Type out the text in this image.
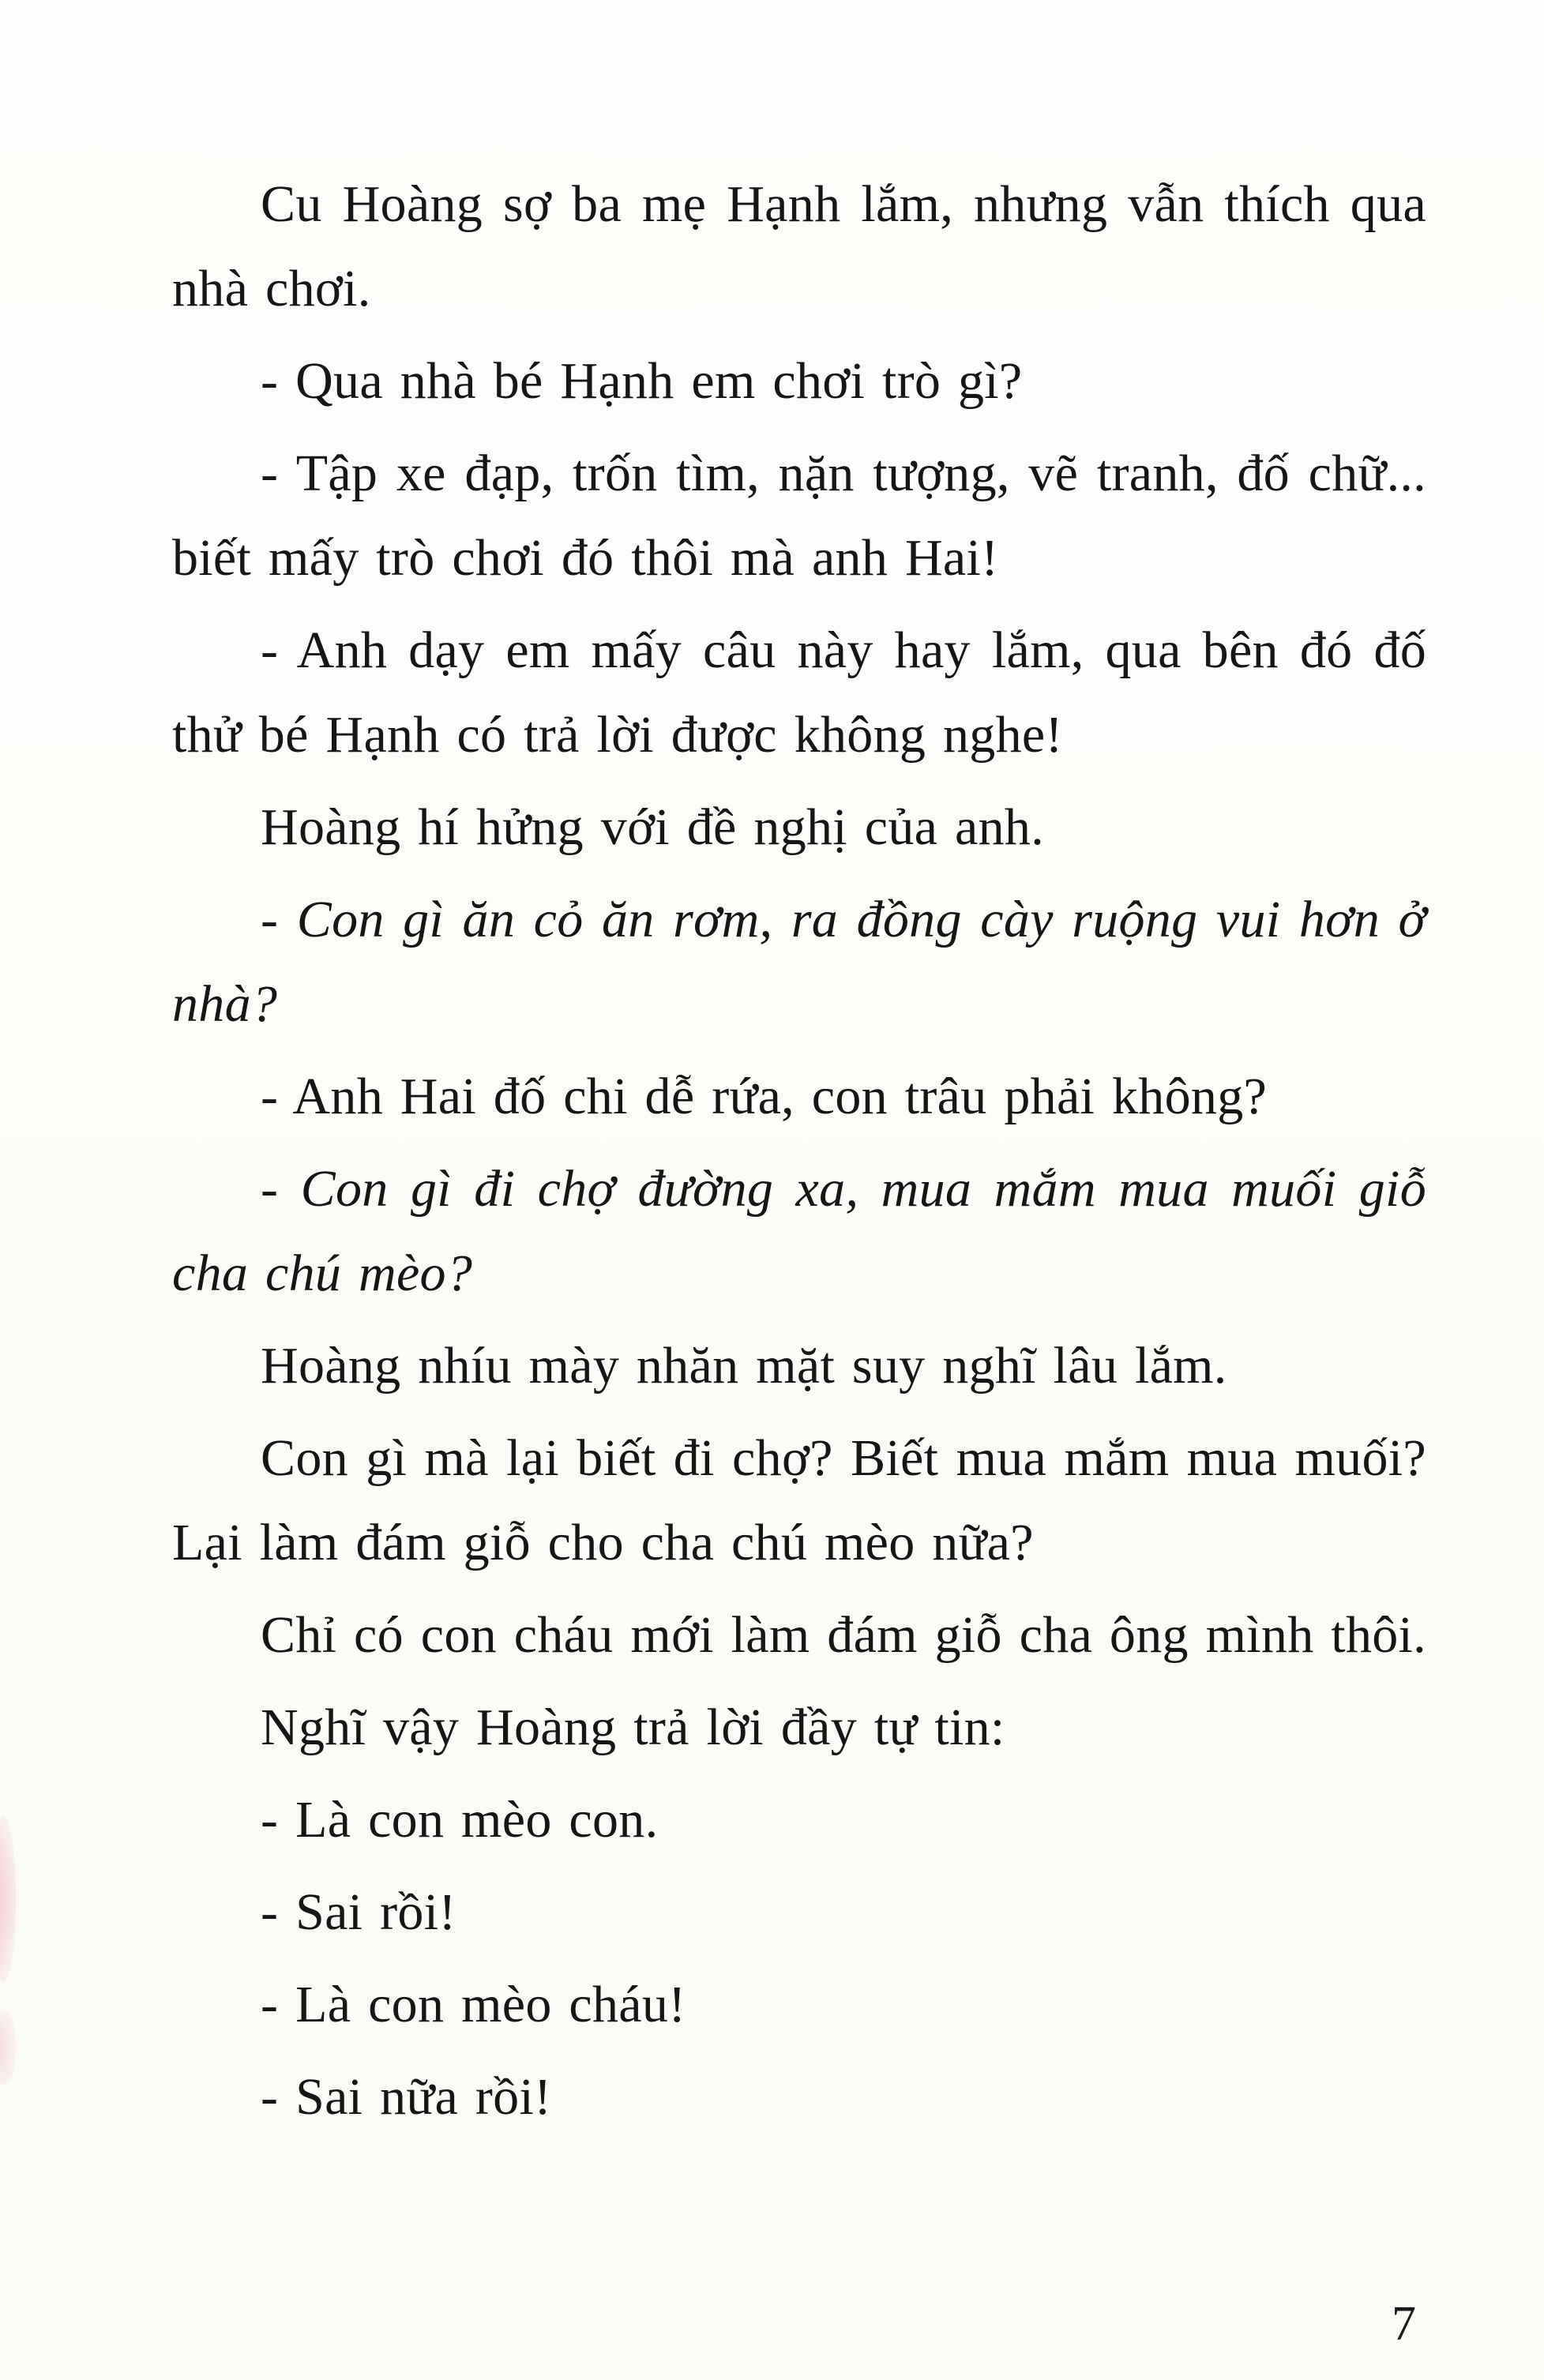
Cu Hoàng sợ ba mẹ Hạnh lắm, nhưng vẫn thích qua nhà chơi.

- Qua nhà bé Hạnh em chơi trò gì?

- Tập xe đạp, trốn tìm, nặn tượng, vẽ tranh, đố chữ... biết mấy trò chơi đó thôi mà anh Hai!

- Anh dạy em mấy câu này hay lắm, qua bên đó đố thử bé Hạnh có trả lời được không nghe!

Hoàng hí hửng với đề nghị của anh.

- Con gì ăn cỏ ăn rơm, ra đồng cày ruộng vui hơn ở nhà?

- Anh Hai đố chi dễ rứa, con trâu phải không?

- Con gì đi chợ đường xa, mua mắm mua muối giỗ cha chú mèo?

Hoàng nhíu mày nhăn mặt suy nghĩ lâu lắm.

Con gì mà lại biết đi chợ? Biết mua mắm mua muối? Lại làm đám giỗ cho cha chú mèo nữa?

Chỉ có con cháu mới làm đám giỗ cha ông mình thôi.

Nghĩ vậy Hoàng trả lời đầy tự tin:

- Là con mèo con.

- Sai rồi!

- Là con mèo cháu!

- Sai nữa rồi!

7
